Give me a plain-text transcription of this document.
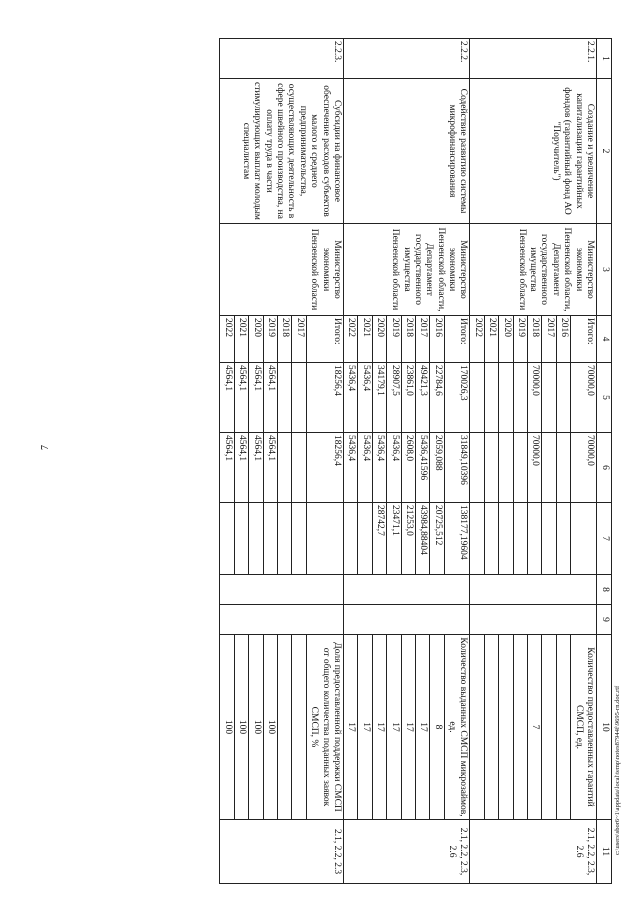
7
c:\users\sbor6~1\appdata\local\temp\notes87944f\9695-rn.doc.rtf
1	2	3	4	5	6	7	8	9	10	11
2.2.1.	Создание и увеличение капитализации гарантийных фондов (гарантийный фонд АО "Поручитель")	Министерство экономики Пензенской области, Департамент государственного имущества Пензенской области	Итого:	70000,0	70000,0				Количество предоставленных гарантий СМСП, ед.	2.1, 2.2, 2.3, 2.6
			2016							
			2017							
			2018	70000,0	70000,0				7	
			2019							
			2020							
			2021							
			2022							
2.2.2.	Содействие развитию системы микрофинансирования	Министерство экономики Пензенской области, Департамент государственного имущества Пензенской области	Итого:	170026,3	31849,10396	138177,19604			Количество выданных СМСП микрозаймов, ед.	2.1, 2.2, 2.3, 2.6
			2016	22784,6	2059,088	20725,512			8	
			2017	49421,3	5436,41596	43984,88404			17	
			2018	23861,0	2608,0	21253,0			17	
			2019	28907,5	5436,4	23471,1			17	
			2020	34179,1	5436,4	28742,7			17	
			2021	5436,4	5436,4				17	
			2022	5436,4	5436,4				17	
2.2.3.	Субсидии на финансовое обеспечение расходов субъектов малого и среднего предпринимательства, осуществляющих деятельность в сфере швейного производства, на оплату труда в части стимулирующих выплат молодым специалистам	Министерство экономики Пензенской области	Итого:	18256,4	18256,4				Доля предоставленной поддержки СМСП от общего количества поданных заявок СМСП, %	2.1, 2.2, 2.3
			2017							
			2018							
			2019	4564,1	4564,1				100	
			2020	4564,1	4564,1				100	
			2021	4564,1	4564,1				100	
			2022	4564,1	4564,1				100	
